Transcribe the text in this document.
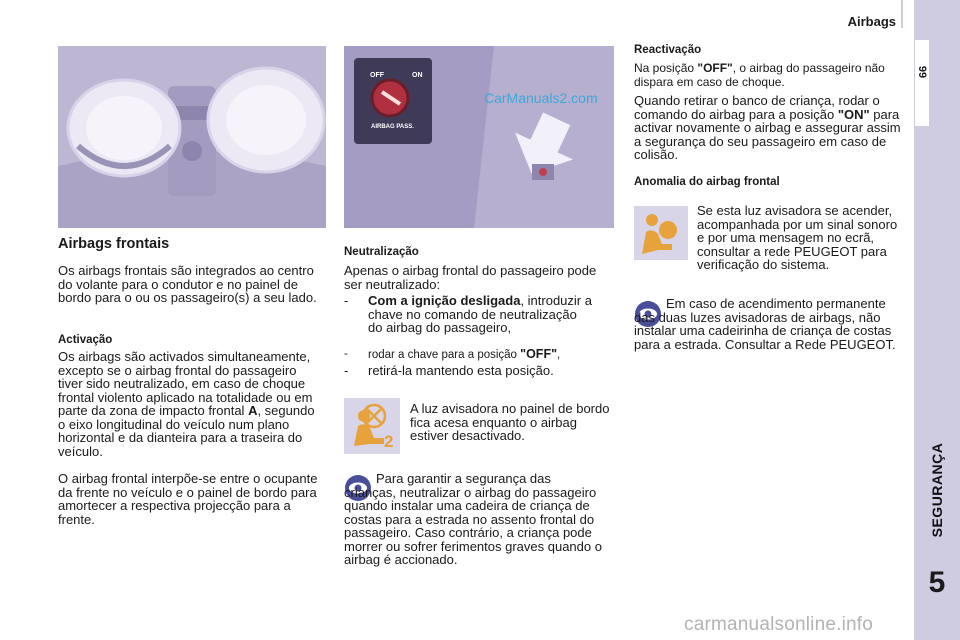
Airbags
99
SEGURANÇA
5
OFF	ON
AIRBAG PASS.
CarManuals2.com
Airbags frontais

Os airbags frontais são integrados ao centro do volante para o condutor e no painel de bordo para o ou os passageiro(s) a seu lado.

Activação

Os airbags são activados simultaneamente, excepto se o airbag frontal do passageiro tiver sido neutralizado, em caso de choque frontal violento aplicado na totalidade ou em parte da zona de impacto frontal A, segundo o eixo longitudinal do veículo num plano horizontal e da dianteira para a traseira do veículo.

O airbag frontal interpõe-se entre o ocupante da frente no veículo e o painel de bordo para amortecer a respectiva projecção para a frente.

Neutralização

Apenas o airbag frontal do passageiro pode ser neutralizado:

-	Com a ignição desligada, introduzir a chave no comando de neutralização do airbag do passageiro,
-	rodar a chave para a posição "OFF",
-	retirá-la mantendo esta posição.
2

A luz avisadora no painel de bordo fica acesa enquanto o airbag estiver desactivado.

Para garantir a segurança das crianças, neutralizar o airbag do passageiro quando instalar uma cadeira de criança de costas para a estrada no assento frontal do passageiro. Caso contrário, a criança pode morrer ou sofrer ferimentos graves quando o airbag é accionado.

Reactivação

Na posição "OFF", o airbag do passageiro não dispara em caso de choque.

Quando retirar o banco de criança, rodar o comando do airbag para a posição "ON" para activar novamente o airbag e assegurar assim a segurança do seu passageiro em caso de colisão.

Anomalia do airbag frontal

Se esta luz avisadora se acender, acompanhada por um sinal sonoro e por uma mensagem no ecrã, consultar a rede PEUGEOT para verificação do sistema.

Em caso de acendimento permanente das duas luzes avisadoras de airbags, não instalar uma cadeirinha de criança de costas para a estrada. Consultar a Rede PEUGEOT.

carmanualsonline.info
